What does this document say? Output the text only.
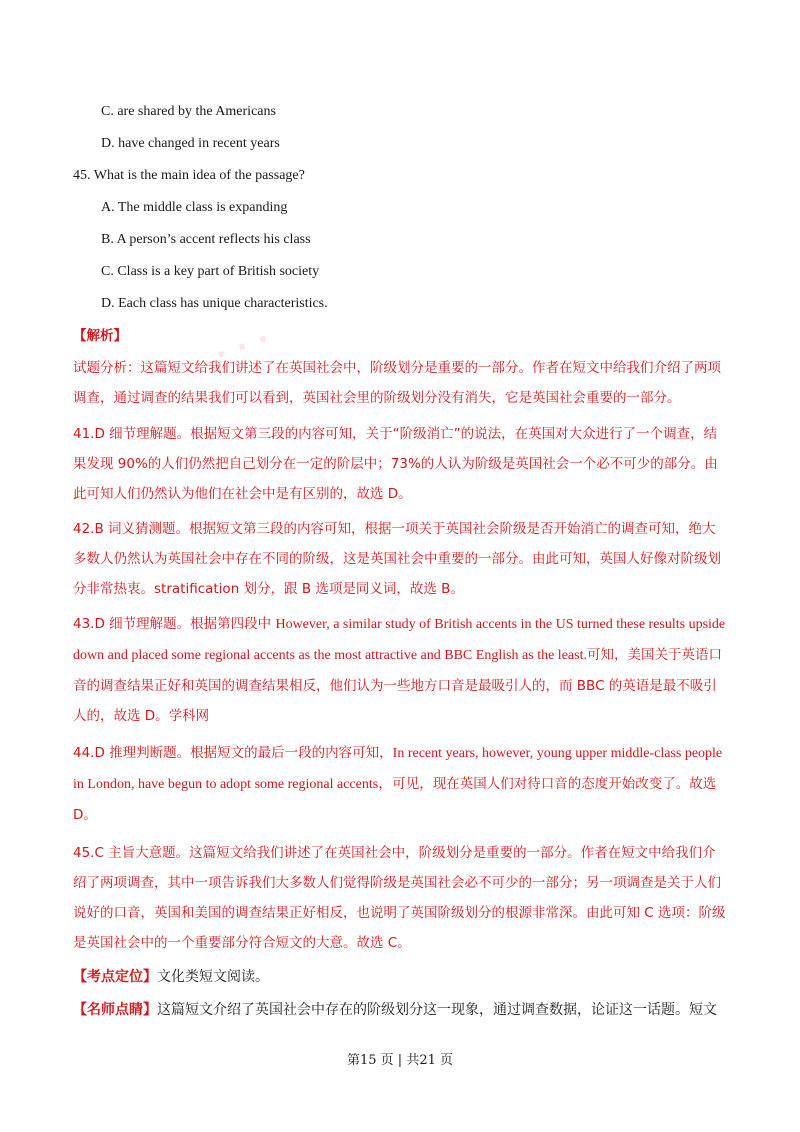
· · ·
C. are shared by the Americans
D. have changed in recent years
45. What is the main idea of the passage?
A. The middle class is expanding
B. A person’s accent reflects his class
C. Class is a key part of British society
D. Each class has unique characteristics.
【解析】
试题分析：这篇短文给我们讲述了在英国社会中，阶级划分是重要的一部分。作者在短文中给我们介绍了两项调查，通过调查的结果我们可以看到，英国社会里的阶级划分没有消失，它是英国社会重要的一部分。
41.D 细节理解题。根据短文第三段的内容可知，关于“阶级消亡”的说法，在英国对大众进行了一个调查，结果发现 90%的人们仍然把自己划分在一定的阶层中；73%的人认为阶级是英国社会一个必不可少的部分。由此可知人们仍然认为他们在社会中是有区别的，故选 D。
42.B 词义猜测题。根据短文第三段的内容可知，根据一项关于英国社会阶级是否开始消亡的调查可知，绝大多数人仍然认为英国社会中存在不同的阶级，这是英国社会中重要的一部分。由此可知，英国人好像对阶级划分非常热衷。stratification 划分，跟 B 选项是同义词，故选 B。
43.D 细节理解题。根据第四段中 However, a similar study of British accents in the US turned these results upside down and placed some regional accents as the most attractive and BBC English as the least.可知，美国关于英语口音的调查结果正好和英国的调查结果相反，他们认为一些地方口音是最吸引人的，而 BBC 的英语是最不吸引人的，故选 D。学科网
44.D 推理判断题。根据短文的最后一段的内容可知，In recent years, however, young upper middle-class people in London, have begun to adopt some regional accents，可见，现在英国人们对待口音的态度开始改变了。故选 D。
45.C 主旨大意题。这篇短文给我们讲述了在英国社会中，阶级划分是重要的一部分。作者在短文中给我们介绍了两项调查，其中一项告诉我们大多数人们觉得阶级是英国社会必不可少的一部分；另一项调查是关于人们说好的口音，英国和美国的调查结果正好相反，也说明了英国阶级划分的根源非常深。由此可知 C 选项：阶级是英国社会中的一个重要部分符合短文的大意。故选 C。
【考点定位】文化类短文阅读。
【名师点睛】这篇短文介绍了英国社会中存在的阶级划分这一现象，通过调查数据，论证这一话题。短文
第15 页 | 共21 页
